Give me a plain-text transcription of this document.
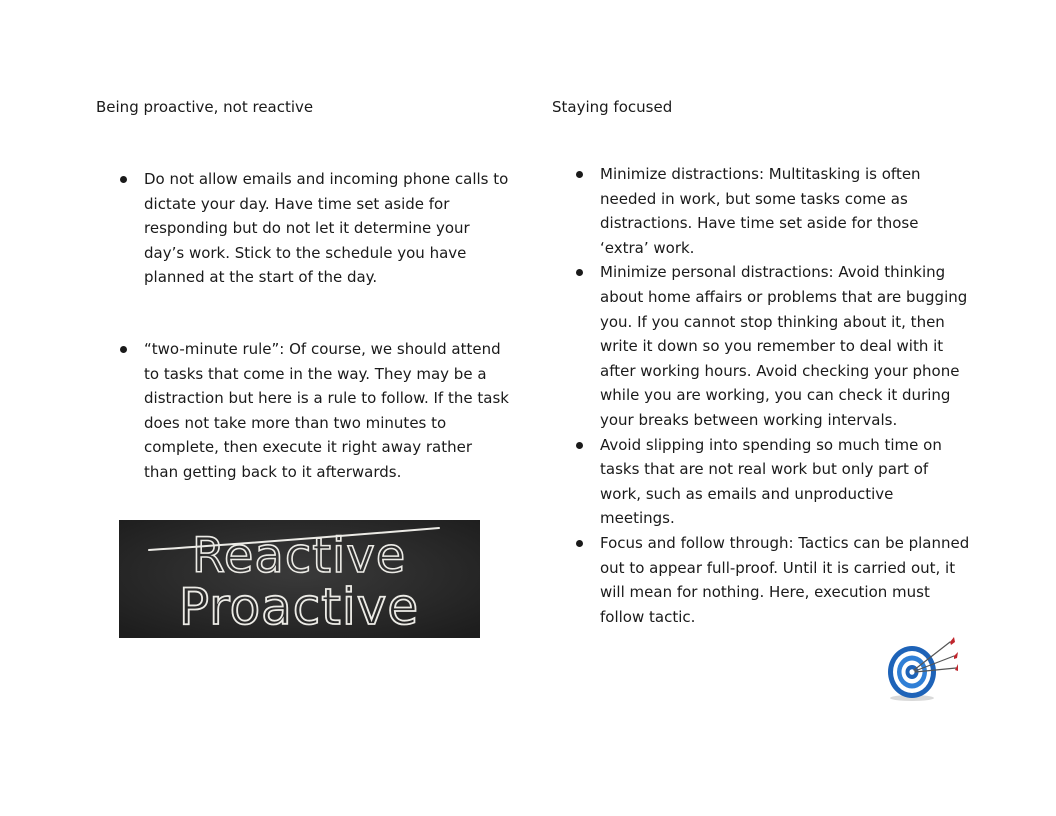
Being proactive, not reactive
Do not allow emails and incoming phone calls to dictate your day. Have time set aside for responding but do not let it determine your day’s work. Stick to the schedule you have planned at the start of the day.
“two-minute rule”: Of course, we should attend to tasks that come in the way. They may be a distraction but here is a rule to follow. If the task does not take more than two minutes to complete, then execute it right away rather than getting back to it afterwards.
Reactive
Proactive
Staying focused
Minimize distractions: Multitasking is often needed in work, but some tasks come as distractions. Have time set aside for those ‘extra’ work.
Minimize personal distractions: Avoid thinking about home affairs or problems that are bugging you. If you cannot stop thinking about it, then write it down so you remember to deal with it after working hours. Avoid checking your phone while you are working, you can check it during your breaks between working intervals.
Avoid slipping into spending so much time on tasks that are not real work but only part of work, such as emails and unproductive meetings.
Focus and follow through: Tactics can be planned out to appear full-proof. Until it is carried out, it will mean for nothing. Here, execution must follow tactic.
